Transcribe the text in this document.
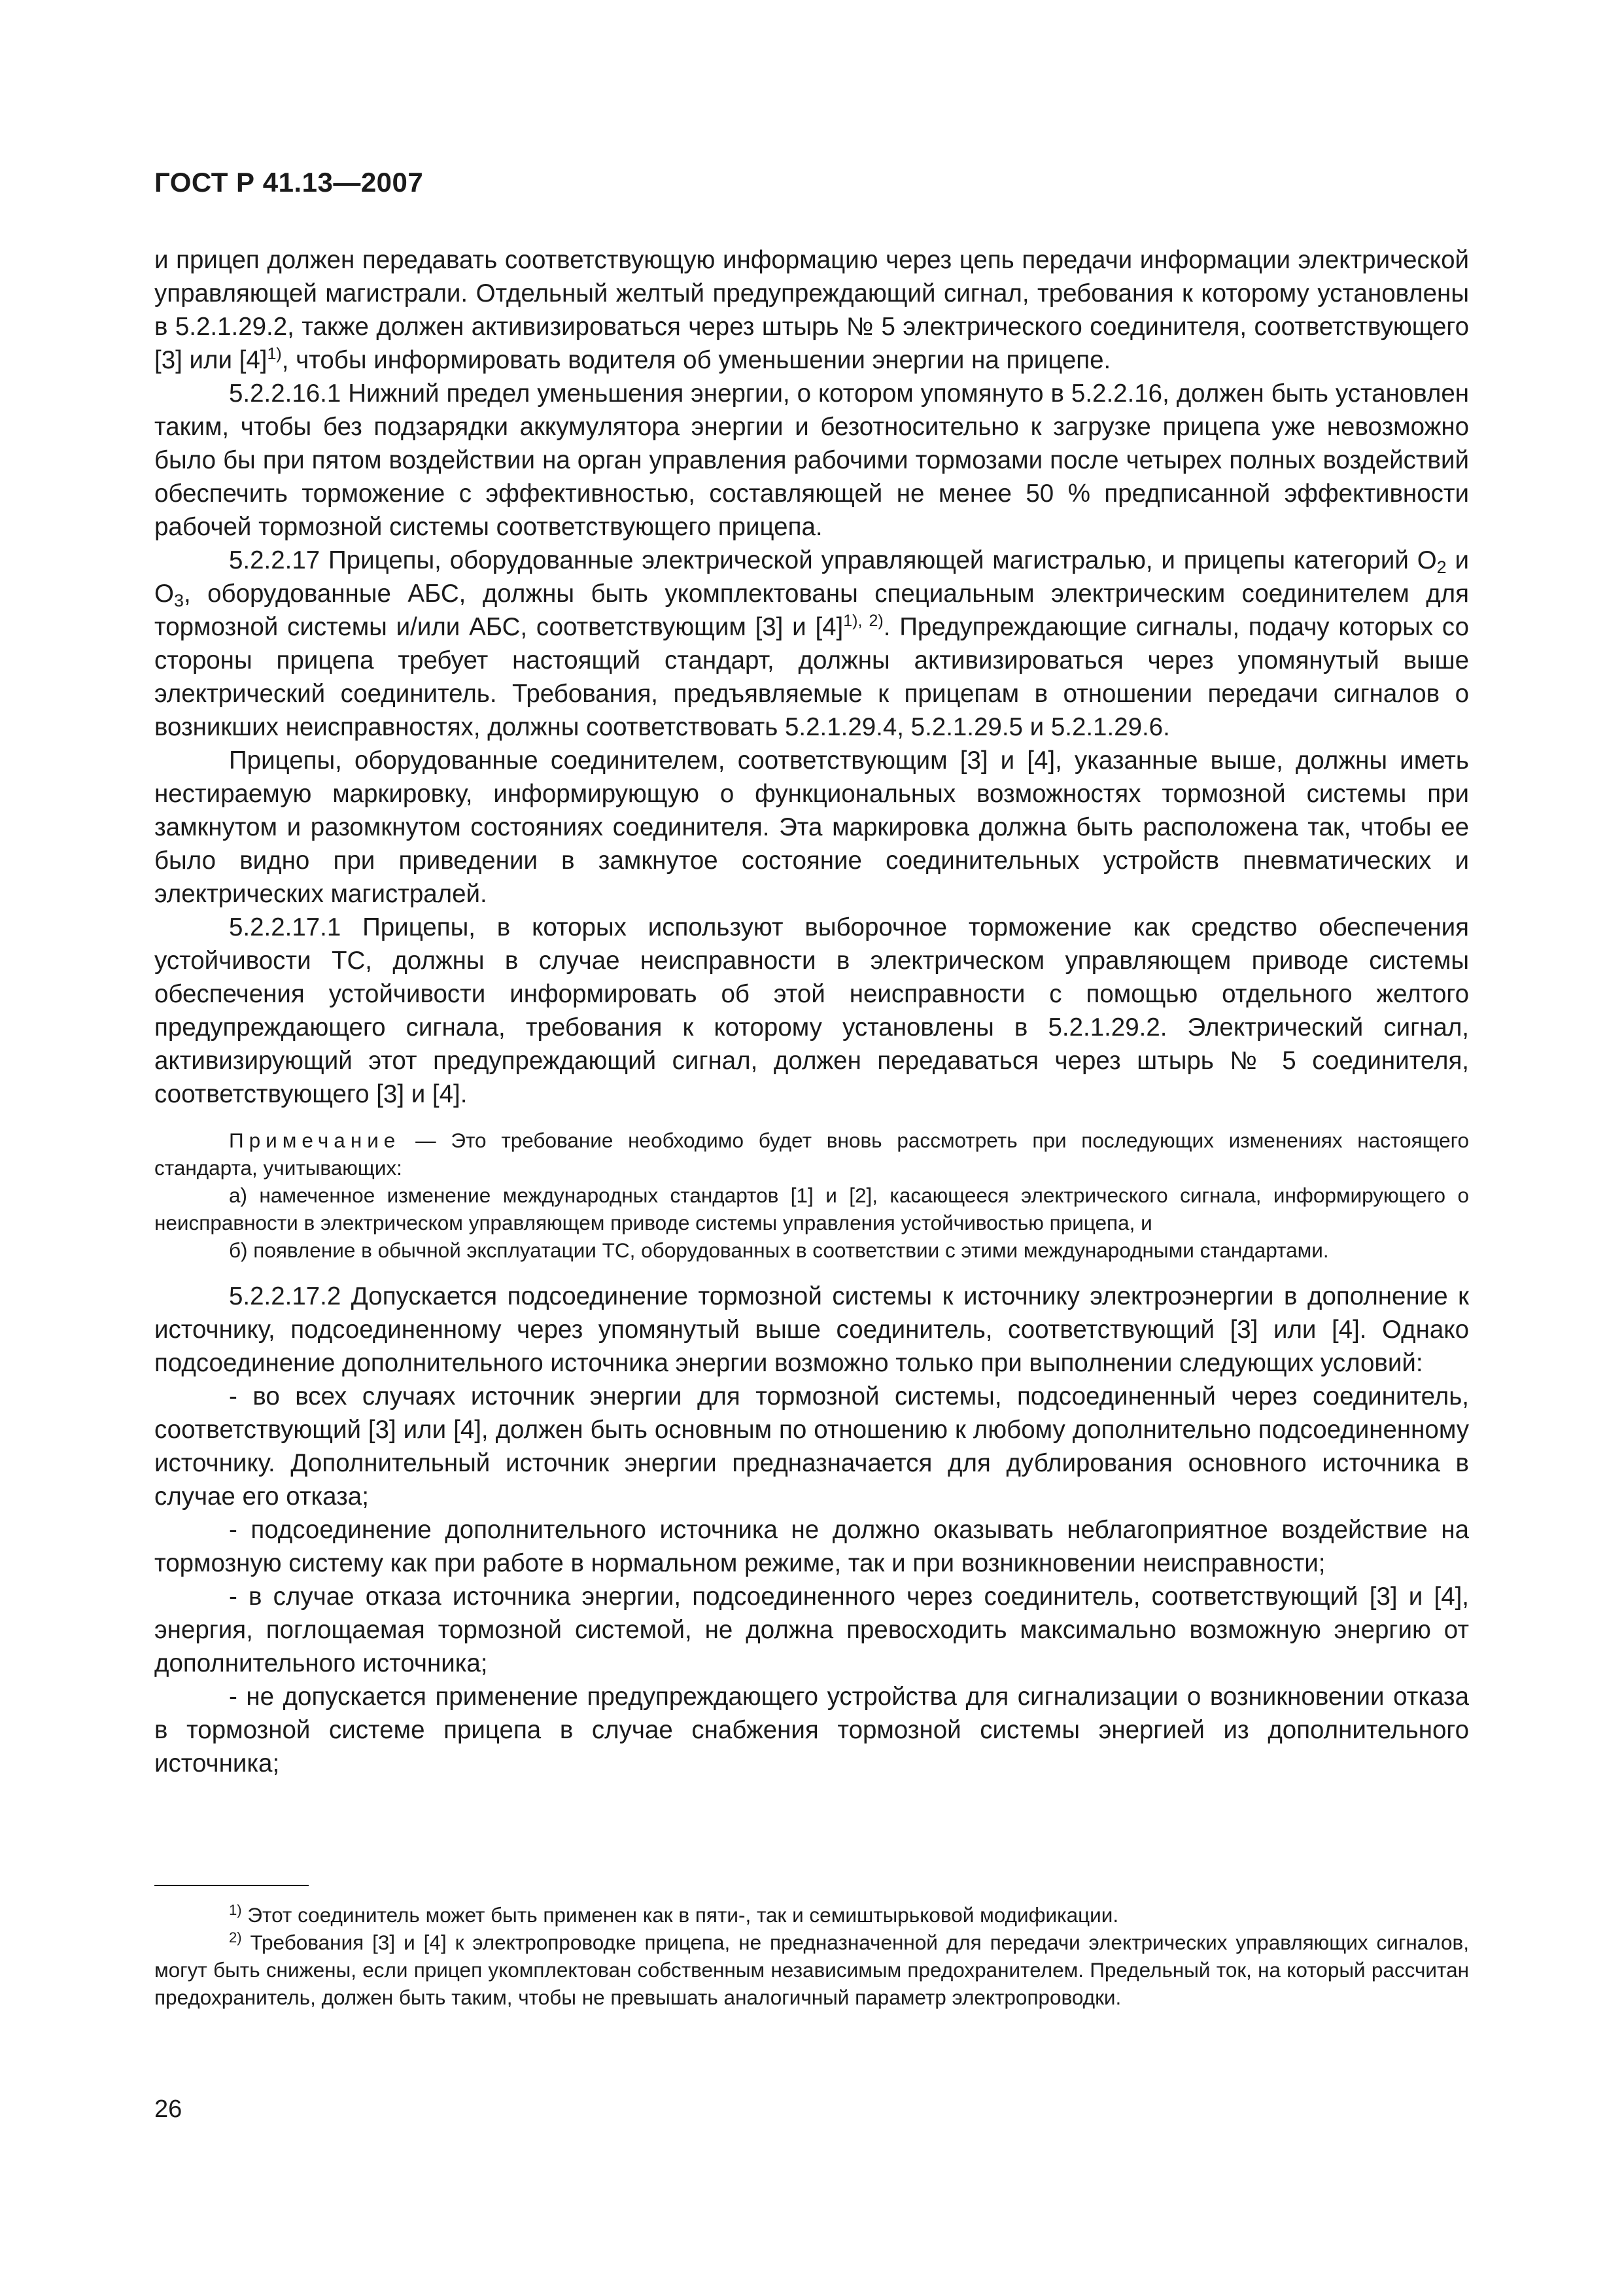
ГОСТ Р 41.13—2007

и прицеп должен передавать соответствующую информацию через цепь передачи информации электрической управляющей магистрали. Отдельный желтый предупреждающий сигнал, требования к которому установлены в 5.2.1.29.2, также должен активизироваться через штырь № 5 электрического соединителя, соответствующего [3] или $[4]^{1)}$, чтобы информировать водителя об уменьшении энергии на прицепе.

5.2.2.16.1 Нижний предел уменьшения энергии, о котором упомянуто в 5.2.2.16, должен быть установлен таким, чтобы без подзарядки аккумулятора энергии и безотносительно к загрузке прицепа уже невозможно было бы при пятом воздействии на орган управления рабочими тормозами после четырех полных воздействий обеспечить торможение с эффективностью, составляющей не менее 50 % предписанной эффективности рабочей тормозной системы соответствующего прицепа.

5.2.2.17 Прицепы, оборудованные электрической управляющей магистралью, и прицепы категорий $O_2$ и $O_3$, оборудованные АБС, должны быть укомплектованы специальным электрическим соединителем для тормозной системы и/или АБС, соответствующим [3] и $[4]^{1), 2)}$. Предупреждающие сигналы, подачу которых со стороны прицепа требует настоящий стандарт, должны активизироваться через упомянутый выше электрический соединитель. Требования, предъявляемые к прицепам в отношении передачи сигналов о возникших неисправностях, должны соответствовать 5.2.1.29.4, 5.2.1.29.5 и 5.2.1.29.6.

Прицепы, оборудованные соединителем, соответствующим [3] и [4], указанные выше, должны иметь нестираемую маркировку, информирующую о функциональных возможностях тормозной системы при замкнутом и разомкнутом состояниях соединителя. Эта маркировка должна быть расположена так, чтобы ее было видно при приведении в замкнутое состояние соединительных устройств пневматических и электрических магистралей.

5.2.2.17.1 Прицепы, в которых используют выборочное торможение как средство обеспечения устойчивости ТС, должны в случае неисправности в электрическом управляющем приводе системы обеспечения устойчивости информировать об этой неисправности с помощью отдельного желтого предупреждающего сигнала, требования к которому установлены в 5.2.1.29.2. Электрический сигнал, активизирующий этот предупреждающий сигнал, должен передаваться через штырь № 5 соединителя, соответствующего [3] и [4].

Примечание — Это требование необходимо будет вновь рассмотреть при последующих изменениях настоящего стандарта, учитывающих:

а) намеченное изменение международных стандартов [1] и [2], касающееся электрического сигнала, информирующего о неисправности в электрическом управляющем приводе системы управления устойчивостью прицепа, и

б) появление в обычной эксплуатации ТС, оборудованных в соответствии с этими международными стандартами.

5.2.2.17.2 Допускается подсоединение тормозной системы к источнику электроэнергии в дополнение к источнику, подсоединенному через упомянутый выше соединитель, соответствующий [3] или [4]. Однако подсоединение дополнительного источника энергии возможно только при выполнении следующих условий:

- во всех случаях источник энергии для тормозной системы, подсоединенный через соединитель, соответствующий [3] или [4], должен быть основным по отношению к любому дополнительно подсоединенному источнику. Дополнительный источник энергии предназначается для дублирования основного источника в случае его отказа;

- подсоединение дополнительного источника не должно оказывать неблагоприятное воздействие на тормозную систему как при работе в нормальном режиме, так и при возникновении неисправности;

- в случае отказа источника энергии, подсоединенного через соединитель, соответствующий [3] и [4], энергия, поглощаемая тормозной системой, не должна превосходить максимально возможную энергию от дополнительного источника;

- не допускается применение предупреждающего устройства для сигнализации о возникновении отказа в тормозной системе прицепа в случае снабжения тормозной системы энергией из дополнительного источника;

$^{1)}$ Этот соединитель может быть применен как в пяти-, так и семиштырьковой модификации.

$^{2)}$ Требования [3] и [4] к электропроводке прицепа, не предназначенной для передачи электрических управляющих сигналов, могут быть снижены, если прицеп укомплектован собственным независимым предохранителем. Предельный ток, на который рассчитан предохранитель, должен быть таким, чтобы не превышать аналогичный параметр электропроводки.

26
